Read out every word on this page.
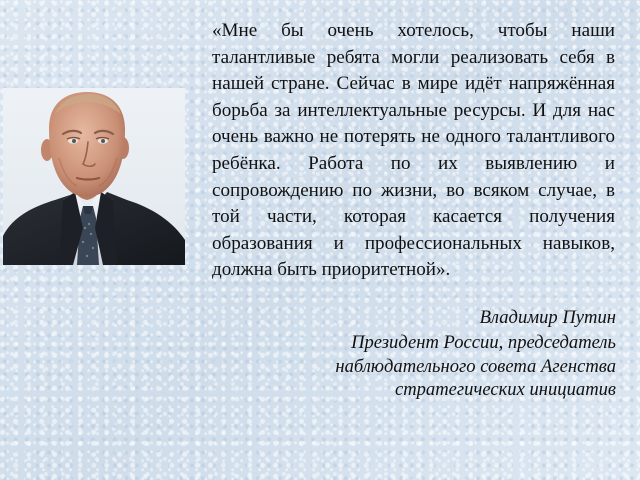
«Мне бы очень хотелось, чтобы наши талантливые ребята могли реализовать себя в нашей стране. Сейчас в мире идёт напряжённая борьба за интеллектуальные ресурсы. И для нас очень важно не потерять не одного талантливого ребёнка. Работа по их выявлению и сопровождению по жизни, во всяком случае, в той части, которая касается получения образования и профессиональных навыков, должна быть приоритетной».

Владимир Путин
Президент России, председатель
наблюдательного совета Агенства
стратегических инициатив
